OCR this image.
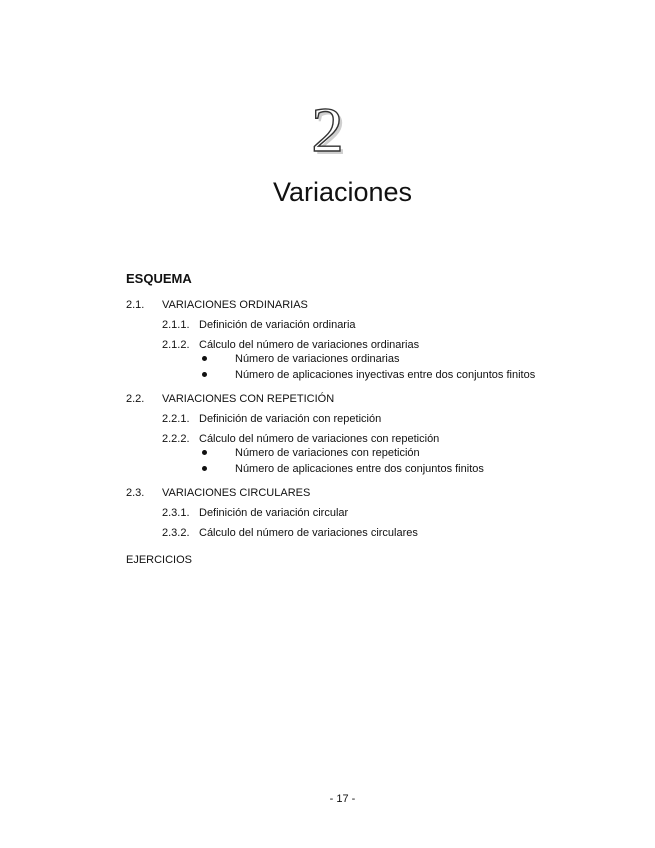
2
Variaciones
ESQUEMA
2.1. VARIACIONES ORDINARIAS
2.1.1. Definición de variación ordinaria
2.1.2. Cálculo del número de variaciones ordinarias
Número de variaciones ordinarias
Número de aplicaciones inyectivas entre dos conjuntos finitos
2.2. VARIACIONES CON REPETICIÓN
2.2.1. Definición de variación con repetición
2.2.2. Cálculo del número de variaciones con repetición
Número de variaciones con repetición
Número de aplicaciones entre dos conjuntos finitos
2.3. VARIACIONES CIRCULARES
2.3.1. Definición de variación circular
2.3.2. Cálculo del número de variaciones circulares
EJERCICIOS
- 17 -
